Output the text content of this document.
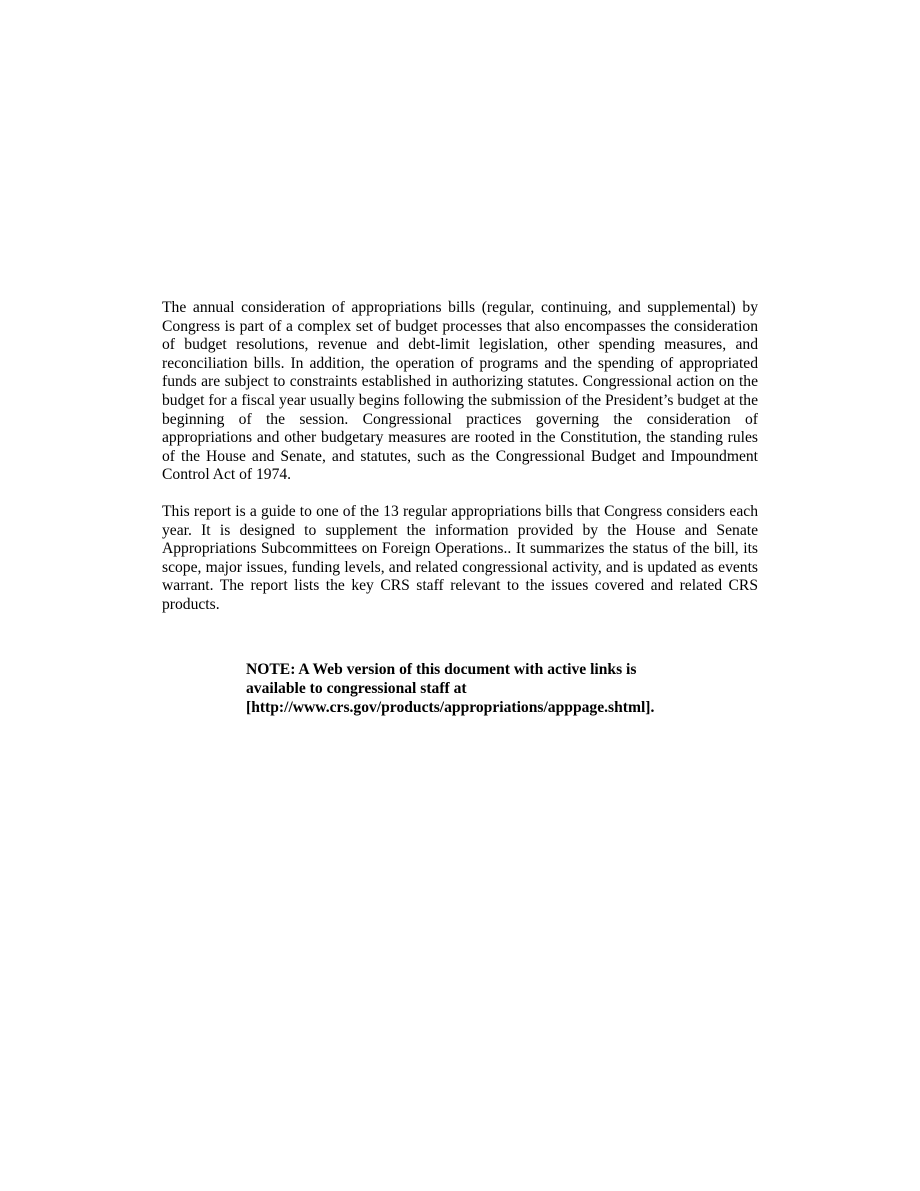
The annual consideration of appropriations bills (regular, continuing, and supplemental) by Congress is part of a complex set of budget processes that also encompasses the consideration of budget resolutions, revenue and debt-limit legislation, other spending measures, and reconciliation bills. In addition, the operation of programs and the spending of appropriated funds are subject to constraints established in authorizing statutes. Congressional action on the budget for a fiscal year usually begins following the submission of the President’s budget at the beginning of the session. Congressional practices governing the consideration of appropriations and other budgetary measures are rooted in the Constitution, the standing rules of the House and Senate, and statutes, such as the Congressional Budget and Impoundment Control Act of 1974.

This report is a guide to one of the 13 regular appropriations bills that Congress considers each year. It is designed to supplement the information provided by the House and Senate Appropriations Subcommittees on Foreign Operations.. It summarizes the status of the bill, its scope, major issues, funding levels, and related congressional activity, and is updated as events warrant. The report lists the key CRS staff relevant to the issues covered and related CRS products.

NOTE: A Web version of this document with active links is
available to congressional staff at
[http://www.crs.gov/products/appropriations/apppage.shtml].
